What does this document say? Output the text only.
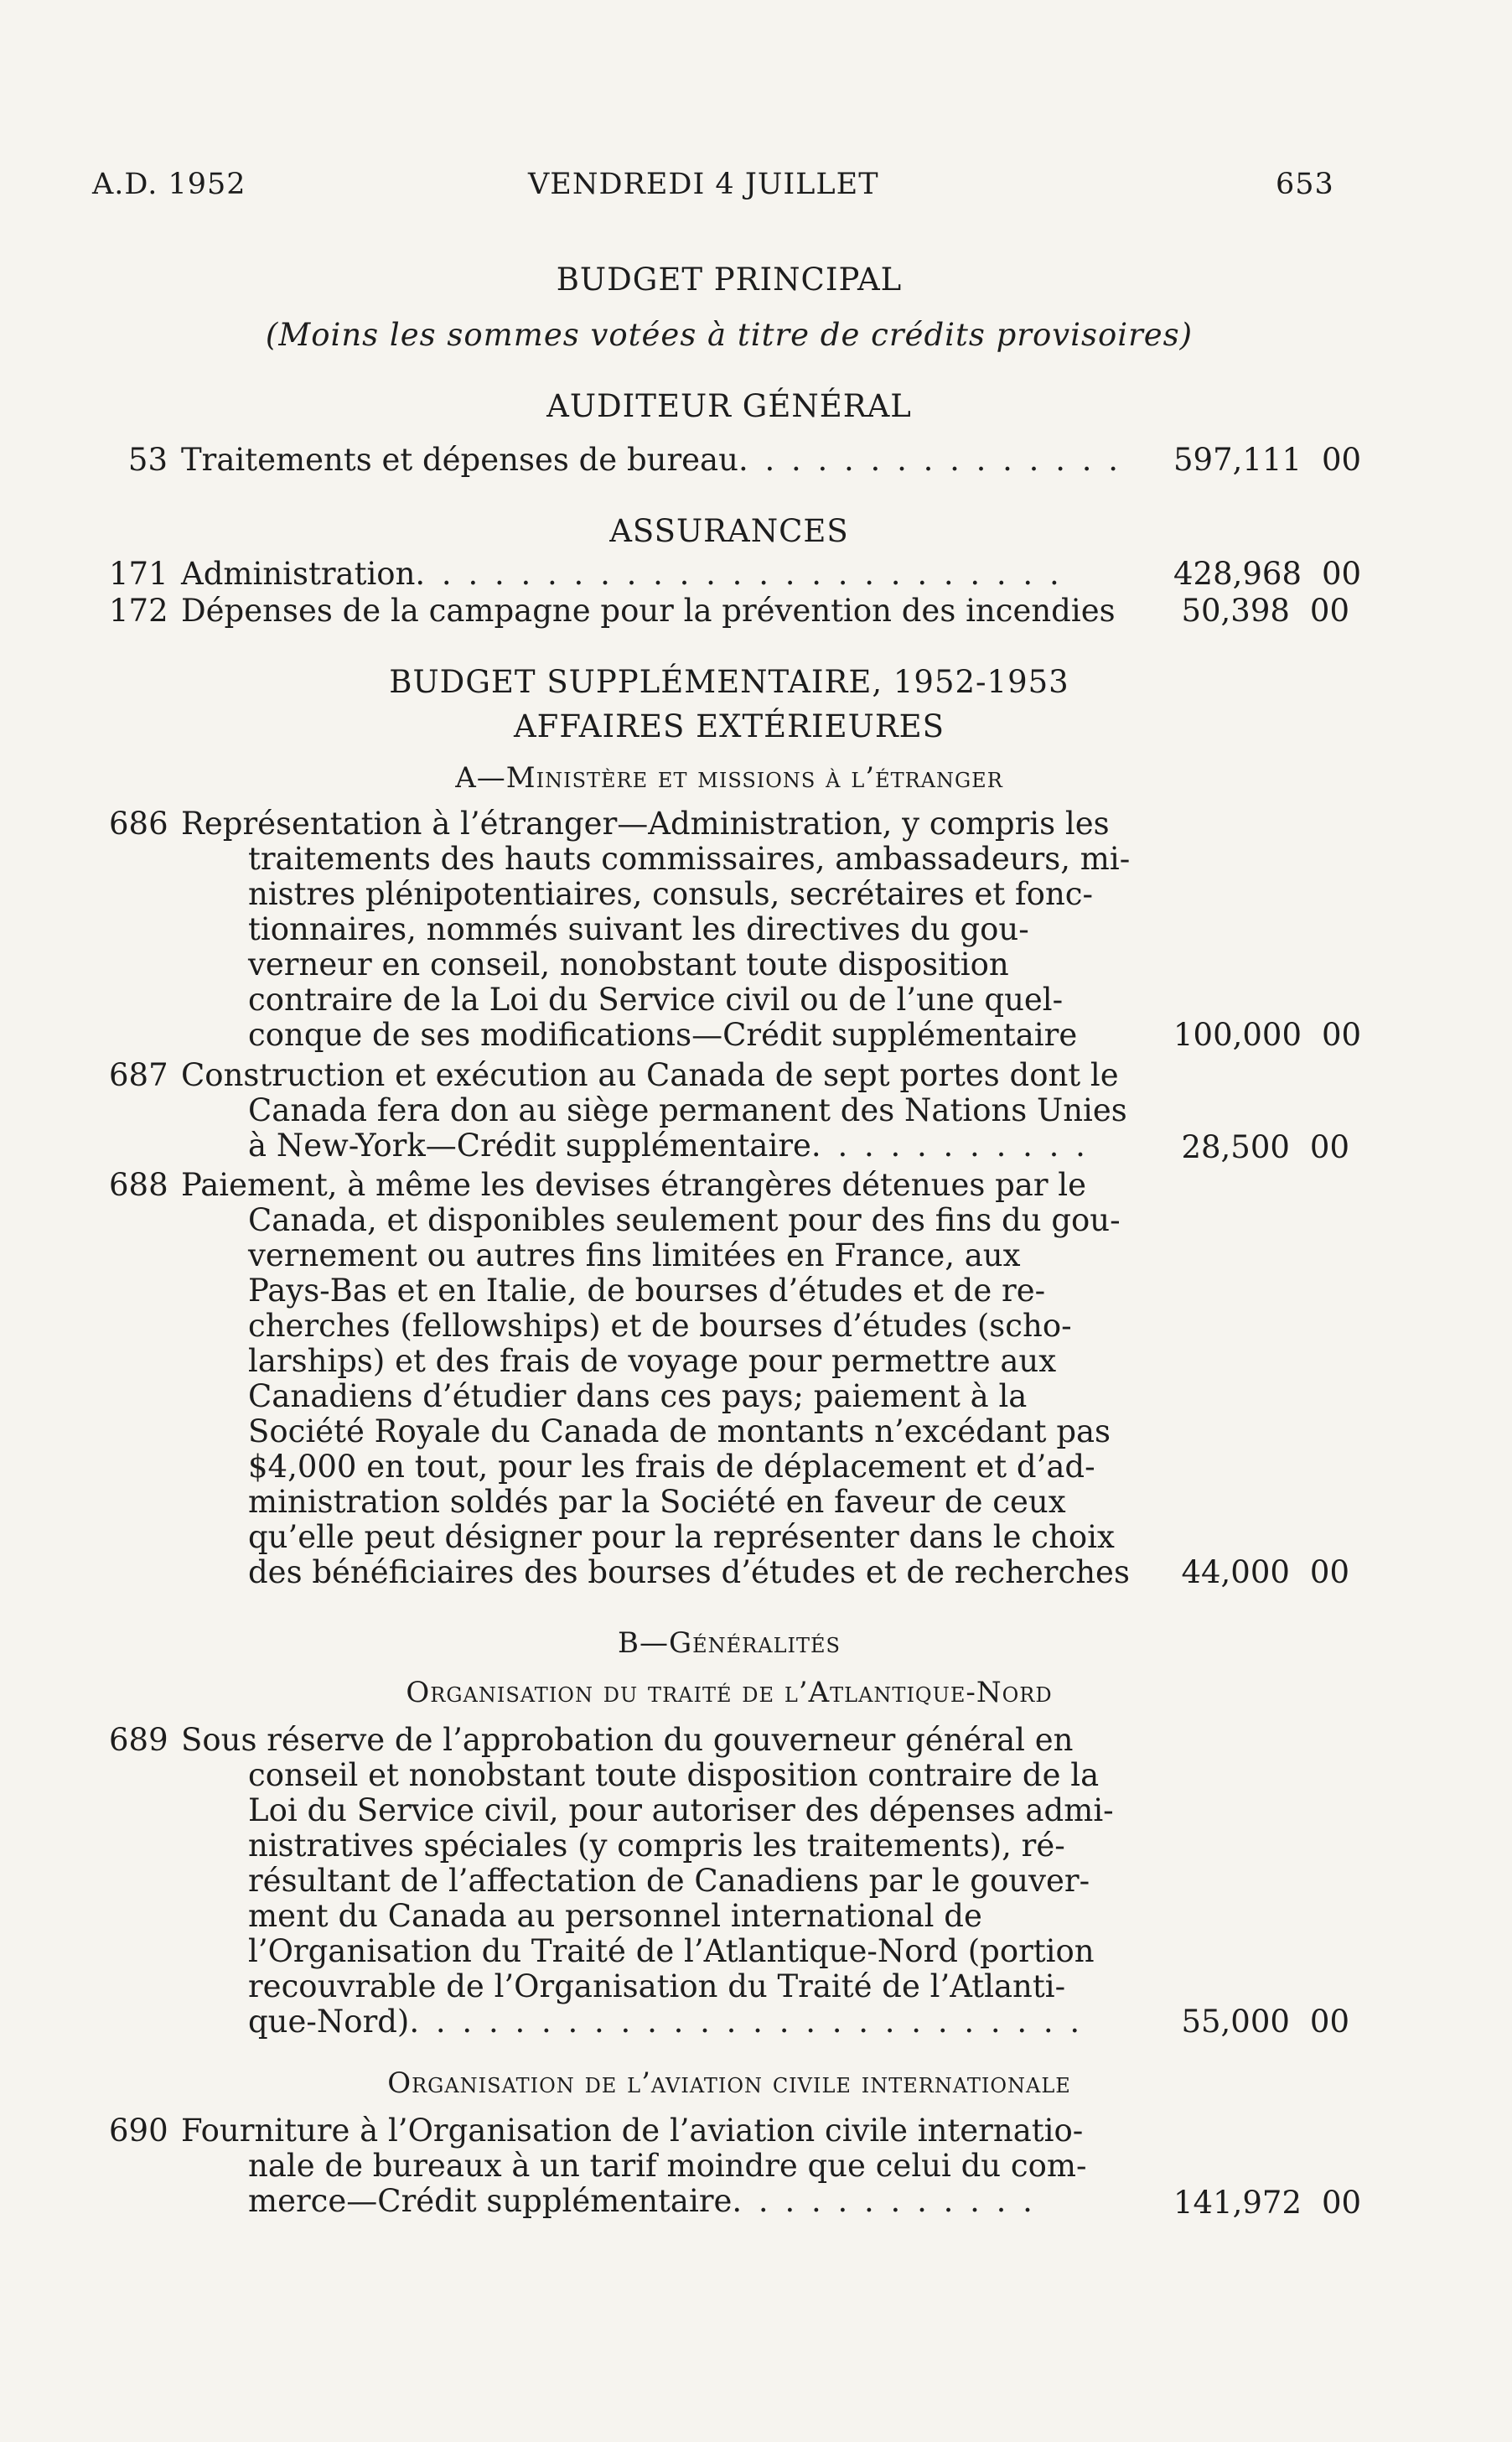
A.D. 1952	VENDREDI 4 JUILLET	653
BUDGET PRINCIPAL
(Moins les sommes votées à titre de crédits provisoires)
AUDITEUR GÉNÉRAL
53 Traitements et dépenses de bureau. . . . . . . . . . . . . . . 597,111 00
ASSURANCES
171 Administration. . . . . . . . . . . . . . . . . . . . . . . . .	428,968 00
172 Dépenses de la campagne pour la prévention des incendies 50,398 00
BUDGET SUPPLÉMENTAIRE, 1952-1953
AFFAIRES EXTÉRIEURES
A—Ministère et missions à l’étranger
686 Représentation à l’étranger—Administration, y compris les
traitements des hauts commissaires, ambassadeurs, mi-
nistres plénipotentiaires, consuls, secrétaires et fonc-
tionnaires, nommés suivant les directives du gou-
verneur en conseil, nonobstant toute disposition
contraire de la Loi du Service civil ou de l’une quel-
conque de ses modifications—Crédit supplémentaire	100,000 00
687 Construction et exécution au Canada de sept portes dont le
Canada fera don au siège permanent des Nations Unies
à New-York—Crédit supplémentaire. . . . . . . . . . .	28,500 00
688 Paiement, à même les devises étrangères détenues par le
Canada, et disponibles seulement pour des fins du gou-
vernement ou autres fins limitées en France, aux
Pays-Bas et en Italie, de bourses d’études et de re-
cherches (fellowships) et de bourses d’études (scho-
larships) et des frais de voyage pour permettre aux
Canadiens d’étudier dans ces pays; paiement à la
Société Royale du Canada de montants n’excédant pas
$4,000 en tout, pour les frais de déplacement et d’ad-
ministration soldés par la Société en faveur de ceux
qu’elle peut désigner pour la représenter dans le choix
des bénéficiaires des bourses d’études et de recherches 44,000 00
B—Généralités
Organisation du traité de l’Atlantique-Nord
689 Sous réserve de l’approbation du gouverneur général en
conseil et nonobstant toute disposition contraire de la
Loi du Service civil, pour autoriser des dépenses admi-
nistratives spéciales (y compris les traitements), ré-
résultant de l’affectation de Canadiens par le gouver-
ment du Canada au personnel international de
l’Organisation du Traité de l’Atlantique-Nord (portion
recouvrable de l’Organisation du Traité de l’Atlanti-
que-Nord). . . . . . . . . . . . . . . . . . . . . . . . . .	55,000 00
Organisation de l’aviation civile internationale
690 Fourniture à l’Organisation de l’aviation civile internatio-
nale de bureaux à un tarif moindre que celui du com-
merce—Crédit supplémentaire. . . . . . . . . . . .	141,972 00
